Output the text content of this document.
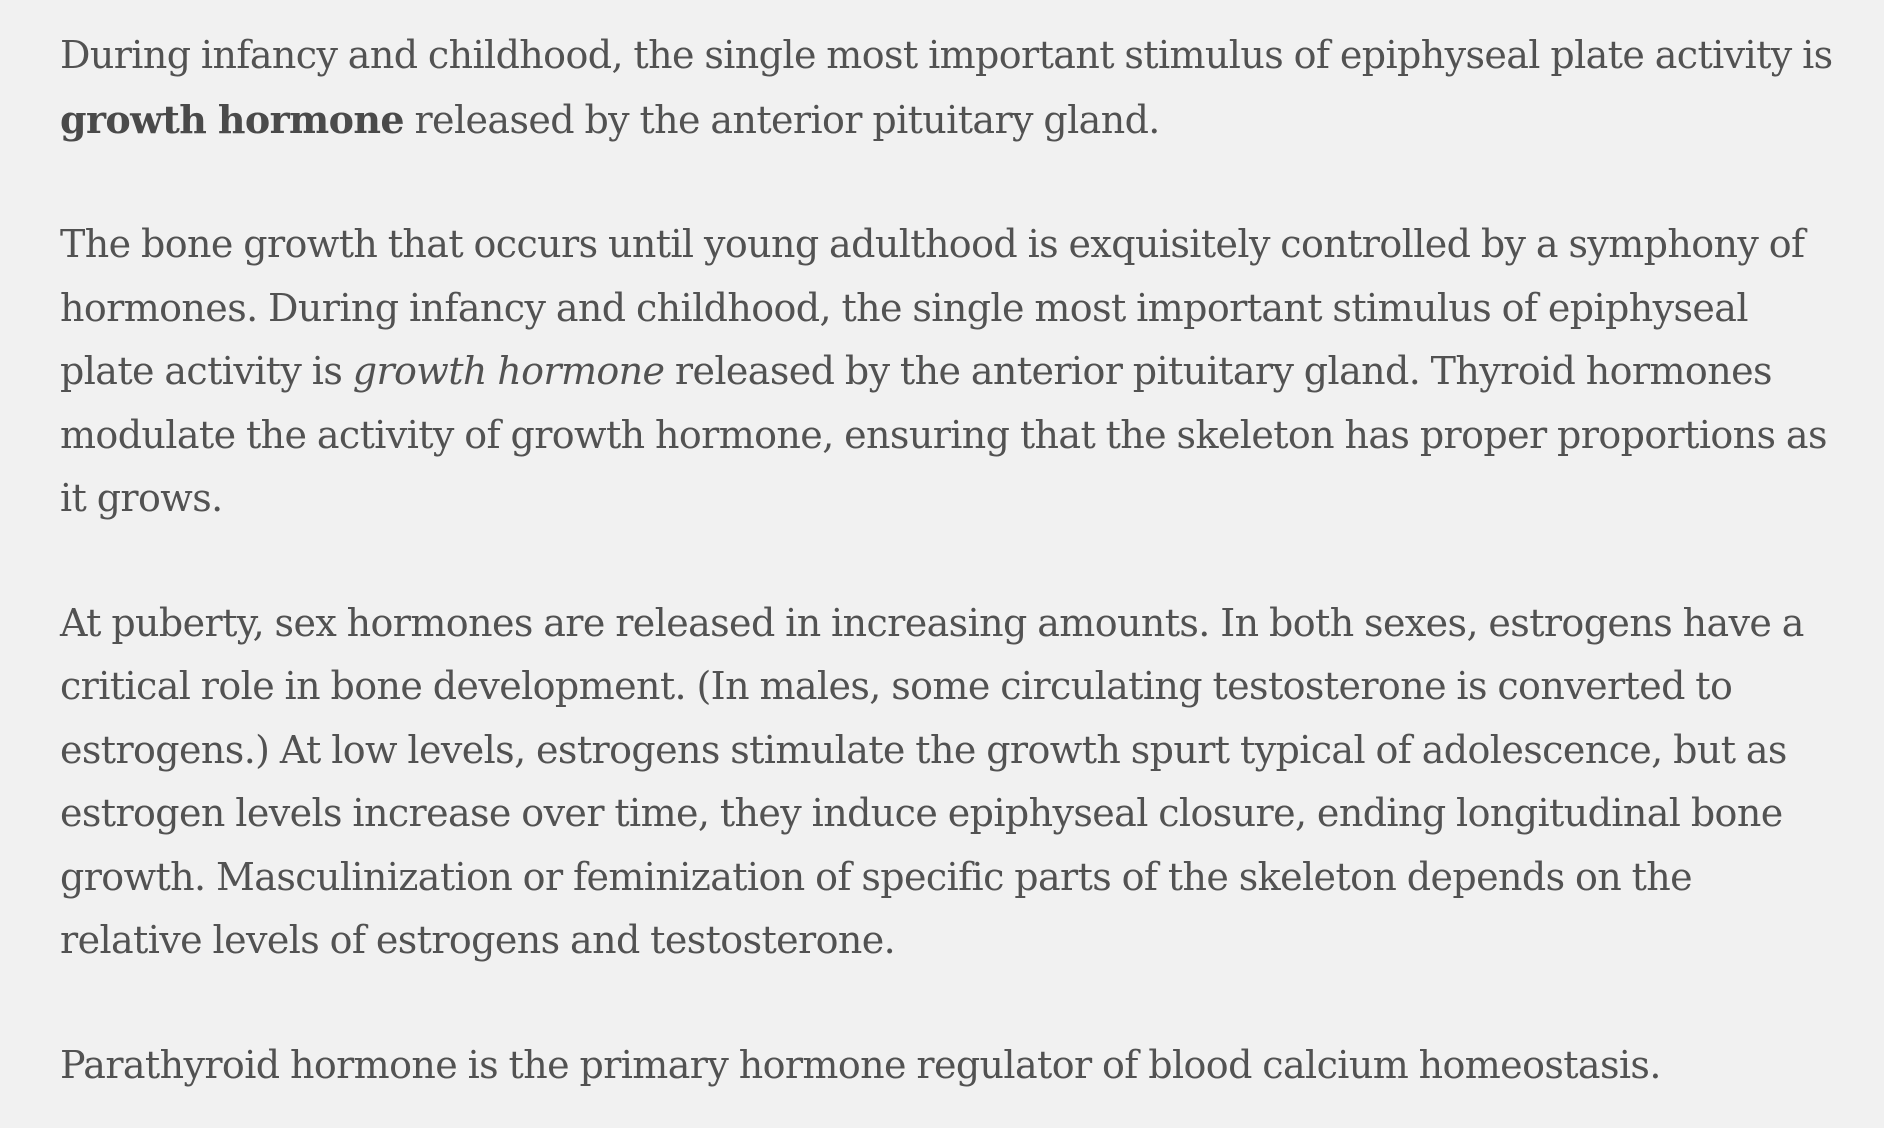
During infancy and childhood, the single most important stimulus of epiphyseal plate activity is growth hormone released by the anterior pituitary gland.

The bone growth that occurs until young adulthood is exquisitely controlled by a symphony of hormones. During infancy and childhood, the single most important stimulus of epiphyseal plate activity is growth hormone released by the anterior pituitary gland. Thyroid hormones modulate the activity of growth hormone, ensuring that the skeleton has proper proportions as it grows.

At puberty, sex hormones are released in increasing amounts. In both sexes, estrogens have a critical role in bone development. (In males, some circulating testosterone is converted to estrogens.) At low levels, estrogens stimulate the growth spurt typical of adolescence, but as estrogen levels increase over time, they induce epiphyseal closure, ending longitudinal bone growth. Masculinization or feminization of specific parts of the skeleton depends on the relative levels of estrogens and testosterone.

Parathyroid hormone is the primary hormone regulator of blood calcium homeostasis.
